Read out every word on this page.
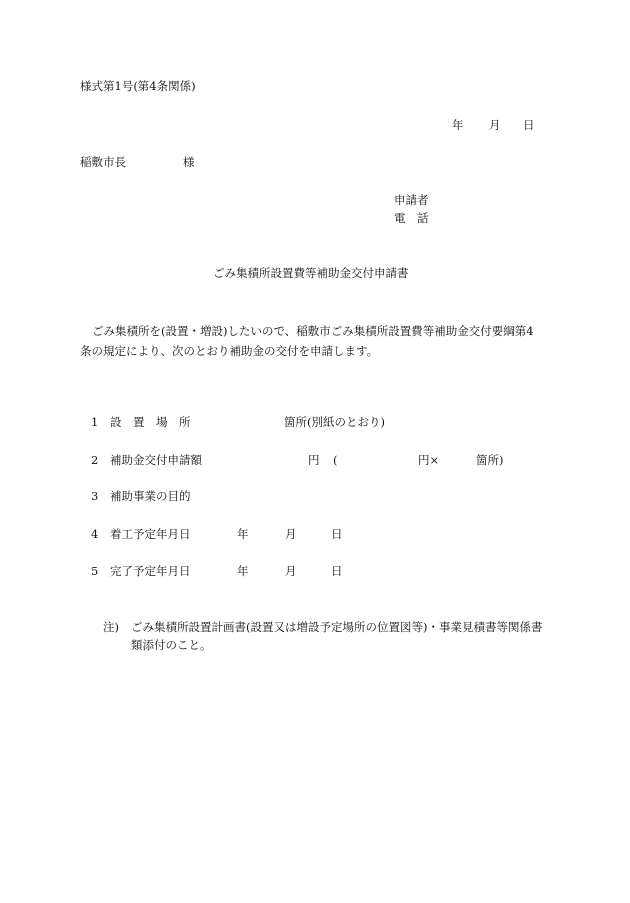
様式第1号(第4条関係)
年 月 日
稲敷市長	様
申請者
電　話
ごみ集積所設置費等補助金交付申請書
ごみ集積所を(設置・増設)したいので、稲敷市ごみ集積所設置費等補助金交付要綱第4
条の規定により、次のとおり補助金の交付を申請します。
1 設　置　場　所	箇所(別紙のとおり)
2 補助金交付申請額	円 (	円×	箇所)
3 補助事業の目的
4 着工予定年月日	年	月	日
5 完了予定年月日	年	月	日
注) ごみ集積所設置計画書(設置又は増設予定場所の位置図等)・事業見積書等関係書
類添付のこと。
